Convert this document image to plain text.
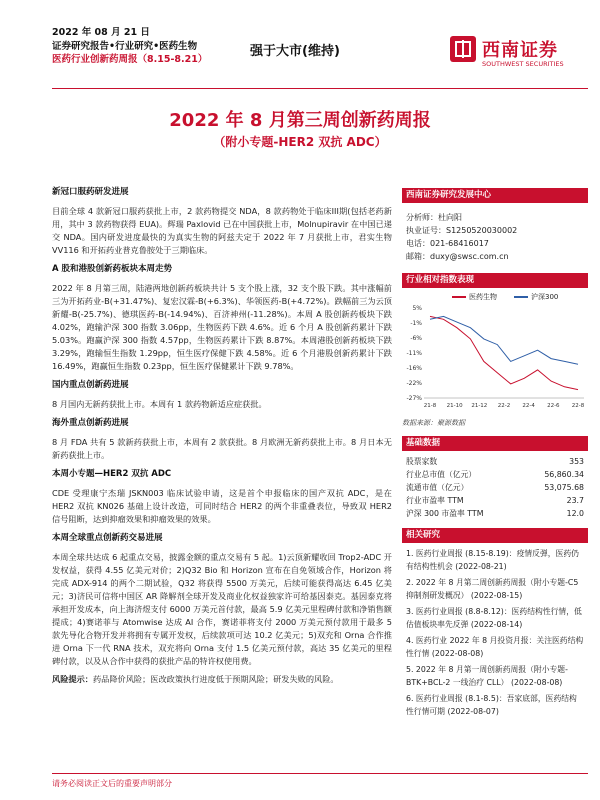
2022 年 08 月 21 日
证券研究报告•行业研究•医药生物
医药行业创新药周报（8.15-8.21）
强于大市(维持)	西南证券
SOUTHWEST SECURITIES
2022 年 8 月第三周创新药周报
（附小专题-HER2 双抗 ADC）
新冠口服药研发进展

目前全球 4 款新冠口服药获批上市，2 款药物提交 NDA，8 款药物处于临床III期(包括老药新用，其中 3 款药物获得 EUA)。辉瑞 Paxlovid 已在中国获批上市，Molnupiravir 在中国已递交 NDA。国内研发进度最快的为真实生物的阿兹夫定于 2022 年 7 月获批上市，君实生物 VV116 和开拓药业普克鲁胺处于三期临床。

A 股和港股创新药板块本周走势

2022 年 8 月第三周，陆港两地创新药板块共计 5 支个股上涨，32 支个股下跌。其中涨幅前三为开拓药业-B(+31.47%)、复宏汉霖-B(+6.3%)、华领医药-B(+4.72%)。跌幅前三为云顶新耀-B(-25.7%)、德琪医药-B(-14.94%)、百济神州(-11.28%)。本周 A 股创新药板块下跌 4.02%，跑输沪深 300 指数 3.06pp，生物医药下跌 4.6%。近 6 个月 A 股创新药累计下跌 5.03%。跑赢沪深 300 指数 4.57pp，生物医药累计下跌 8.87%。本周港股创新药板块下跌 3.29%，跑输恒生指数 1.29pp，恒生医疗保健下跌 4.58%。近 6 个月港股创新药累计下跌 16.49%，跑赢恒生指数 0.23pp，恒生医疗保健累计下跌 9.78%。

国内重点创新药进展

8 月国内无新药获批上市。本周有 1 款药物新适应症获批。

海外重点创新药进展

8 月 FDA 共有 5 款新药获批上市，本周有 2 款获批。8 月欧洲无新药获批上市。8 月日本无新药获批上市。

本周小专题—HER2 双抗 ADC

CDE 受理康宁杰瑞 JSKN003 临床试验申请，这是首个申报临床的国产双抗 ADC，是在 HER2 双抗 KN026 基础上设计改造，可同时结合 HER2 的两个非重叠表位，导致双 HER2 信号阻断，达到抑瘤效果和抑瘤效果的效果。

本周全球重点创新药交易进展

本周全球共达成 6 起重点交易，披露金额的重点交易有 5 起。1)云顶新耀收回 Trop2-ADC 开发权益，获得 4.55 亿美元对价；2)Q32 Bio 和 Horizon 宣布在自免领域合作，Horizon 将完成 ADX-914 的两个二期试验，Q32 将获得 5500 万美元，后续可能获得高达 6.45 亿美元；3)济民可信将中国区 AR 降解剂全球开发及商业化权益独家许可给基因泰克。基因泰克将承担开发成本，向上海济煜支付 6000 万美元首付款，最高 5.9 亿美元里程碑付款和净销售额提成；4)赛诺菲与 Atomwise 达成 AI 合作，赛诺菲将支付 2000 万美元预付款用于最多 5 款先导化合物开发并将拥有专属开发权，后续款项可达 10.2 亿美元；5)双充和 Orna 合作推进 Orna 下一代 RNA 技术，双充将向 Orna 支付 1.5 亿美元预付款，高达 35 亿美元的里程碑付款，以及从合作中获得的获批产品的特许权使用费。

风险提示：药品降价风险；医改政策执行进度低于预期风险；研发失败的风险。

西南证券研究发展中心
分析师：杜向阳
执业证号：S1250520030002
电话：021-68416017
邮箱：duxy@swsc.com.cn
行业相对指数表现
医药生物	沪深300
5%
-1%
-6%
-11%
-16%
-22%
-27%
21-8 21-10 21-12 22-2 22-4 22-6 22-8
数据来源：聚源数据
基础数据
股票家数	353
行业总市值（亿元）	56,860.34
流通市值（亿元）	53,075.68
行业市盈率 TTM	23.7
沪深 300 市盈率 TTM	12.0
相关研究
1. 医药行业周报 (8.15-8.19)：疫情反弹，医药仍有结构性机会 (2022-08-21)
2. 2022 年 8 月第二周创新药周报（附小专题-C5 抑制剂研发概况） (2022-08-15)
3. 医药行业周报 (8.8-8.12)：医药结构性行情，低估值板块率先反弹 (2022-08-14)
4. 医药行业 2022 年 8 月投资月报：关注医药结构性行情 (2022-08-08)
5. 2022 年 8 月第一周创新药周报（附小专题-BTK+BCL-2 一线治疗 CLL） (2022-08-08)
6. 医药行业周报 (8.1-8.5)：吾家底部，医药结构性行情可期 (2022-08-07)
请务必阅读正文后的重要声明部分
